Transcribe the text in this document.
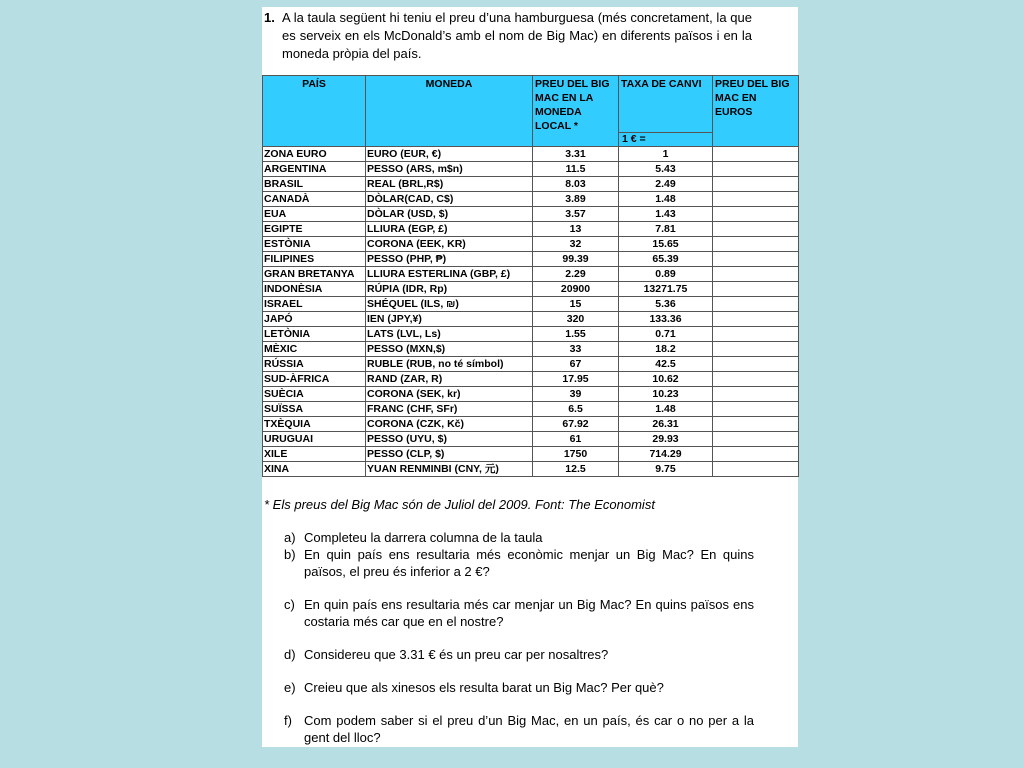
1. A la taula següent hi teniu el preu d’una hamburguesa (més concretament, la que es serveix en els McDonald’s amb el nom de Big Mac) en diferents països i en la moneda pròpia del país.
PAÍS	MONEDA	PREU DEL BIG MAC EN LA MONEDA LOCAL *	TAXA DE CANVI	PREU DEL BIG MAC EN EUROS
			1 € =	
ZONA EURO	EURO (EUR, €)	3.31	1	
ARGENTINA	PESSO (ARS, m$n)	11.5	5.43	
BRASIL	REAL (BRL,R$)	8.03	2.49	
CANADÀ	DÒLAR(CAD, C$)	3.89	1.48	
EUA	DÒLAR (USD, $)	3.57	1.43	
EGIPTE	LLIURA (EGP, £)	13	7.81	
ESTÒNIA	CORONA (EEK, KR)	32	15.65	
FILIPINES	PESSO (PHP, ₱)	99.39	65.39	
GRAN BRETANYA	LLIURA ESTERLINA (GBP, £)	2.29	0.89	
INDONÈSIA	RÚPIA (IDR, Rp)	20900	13271.75	
ISRAEL	SHÉQUEL (ILS, ₪)	15	5.36	
JAPÓ	IEN (JPY,¥)	320	133.36	
LETÒNIA	LATS (LVL, Ls)	1.55	0.71	
MÈXIC	PESSO (MXN,$)	33	18.2	
RÚSSIA	RUBLE (RUB, no té símbol)	67	42.5	
SUD-ÀFRICA	RAND (ZAR, R)	17.95	10.62	
SUÈCIA	CORONA (SEK, kr)	39	10.23	
SUÏSSA	FRANC (CHF, SFr)	6.5	1.48	
TXÈQUIA	CORONA (CZK, Kč)	67.92	26.31	
URUGUAI	PESSO (UYU, $)	61	29.93	
XILE	PESSO (CLP, $)	1750	714.29	
XINA	YUAN RENMINBI (CNY, 元)	12.5	9.75	
* Els preus del Big Mac són de Juliol del 2009. Font: The Economist
a) Completeu la darrera columna de la taula
b) En quin país ens resultaria més econòmic menjar un Big Mac? En quins països, el preu és inferior a 2 €?
c) En quin país ens resultaria més car menjar un Big Mac? En quins països ens costaria més car que en el nostre?
d) Considereu que 3.31 € és un preu car per nosaltres?
e) Creieu que als xinesos els resulta barat un Big Mac? Per què?
f) Com podem saber si el preu d’un Big Mac, en un país, és car o no per a la gent del lloc?
